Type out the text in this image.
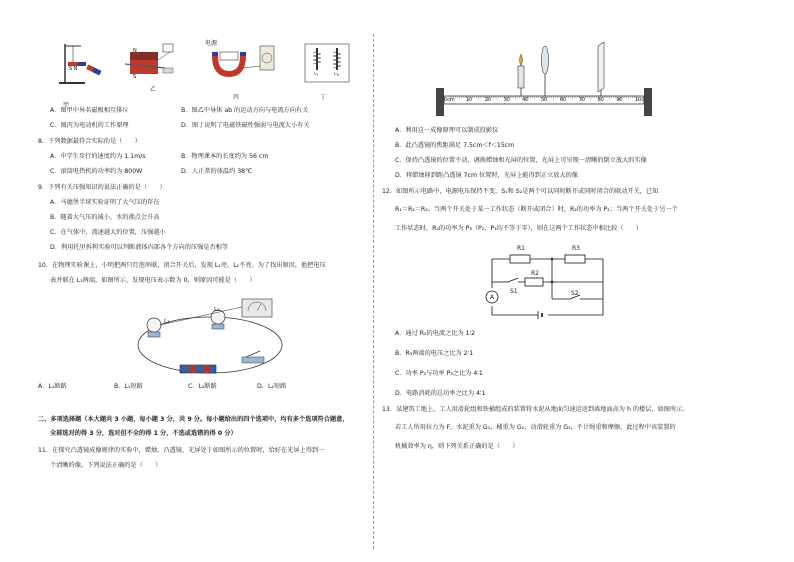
S N
N
S
电源
甲
乙
丙	丁
A．图甲中异名磁极相互排斥	B．图乙中导体 ab 的运动方向与电流方向有关
C．图丙为电动机的工作原理	D．图丁说明了电磁铁磁性强弱与电流大小有关
8．下列数据最符合实际的是（　　）
A．中学生步行的速度约为 1.1m/s	B．物理课本的长度约为 56 cm
C．滚筒电热机的功率约为 800W	D．人正常的体温约 38℃
9．下列有关压强知识的说法正确的是（　　）
A．马德堡半球实验证明了大气压的存在
B．随着大气压的减小，水的沸点会升高
C．在气体中，流速越大的位置，压强越小
D．利用托里拆利实验可以判断液体内部各个方向的压强是否相等
10．在物理实验课上，小明把两只灯泡串联，闭合开关后，发现 L₁亮，L₂不亮。为了找出原因，他把电压
表并联在 L₁两端，如图所示，发现电压表示数为 0，则原因可能是（　　）
L₁
L₂
A．L₁断路	B．L₁短路	C．L₂断路	D．L₂短路
二、多项选择题（本大题共 3 小题，每小题 3 分，共 9 分。每小题给出的四个选项中，均有多个选项符合题意，
全部选对的得 3 分，选对但不全的得 1 分，不选或选错的得 0 分）
11．在探究凸透镜成像规律的实验中，蜡烛、凸透镜、光屏处于如图所示的位置时，恰好在光屏上得到一
个清晰的像。下列说法正确的是（　　）
0cm 10 20 30 40 50 60 70 80 90 100
A．利用这一成像原理可以制成投影仪
B．此凸透镜的焦距满足 7.5cm＜f＜15cm
C．保持凸透镜的位置不动，调换蜡烛和光屏的位置，光屏上可呈现一清晰的倒立放大的实像
D．将蜡烛移到距凸透镜 7cm 位置时，光屏上能得到正立放大的像
12．如图所示电路中，电源电压保持不变，S₁和 S₂是两个可以同时断开或同时闭合的联动开关，已知
R₁＝R₂＝R₃。当两个开关处于某一工作状态（断开或闭合）时，R₂的功率为 P₂；当两个开关处于另一个
工作状态时，R₃的功率为 P₃（P₂、P₃均不等于零），则在这两个工作状态中相比较（　　）
R1	R3
R2
S1	S2
A
A．通过 R₂的电流之比为 1∶2
B．R₃两端的电压之比为 2∶1
C．功率 P₂与功率 P₃之比为 4∶1
D．电路消耗的总功率之比为 4∶1
13．某建筑工地上，工人用滑轮组和铁桶组成的装置将水泥从地面匀速运送到离地面高为 h 的楼层，如图所示。
若工人所用拉力为 F，水泥重为 G₁，桶重为 G₂，动滑轮重为 G₃，不计绳重和摩擦，此过程中该装置的
机械效率为 η，则下列关系正确的是（　　）
